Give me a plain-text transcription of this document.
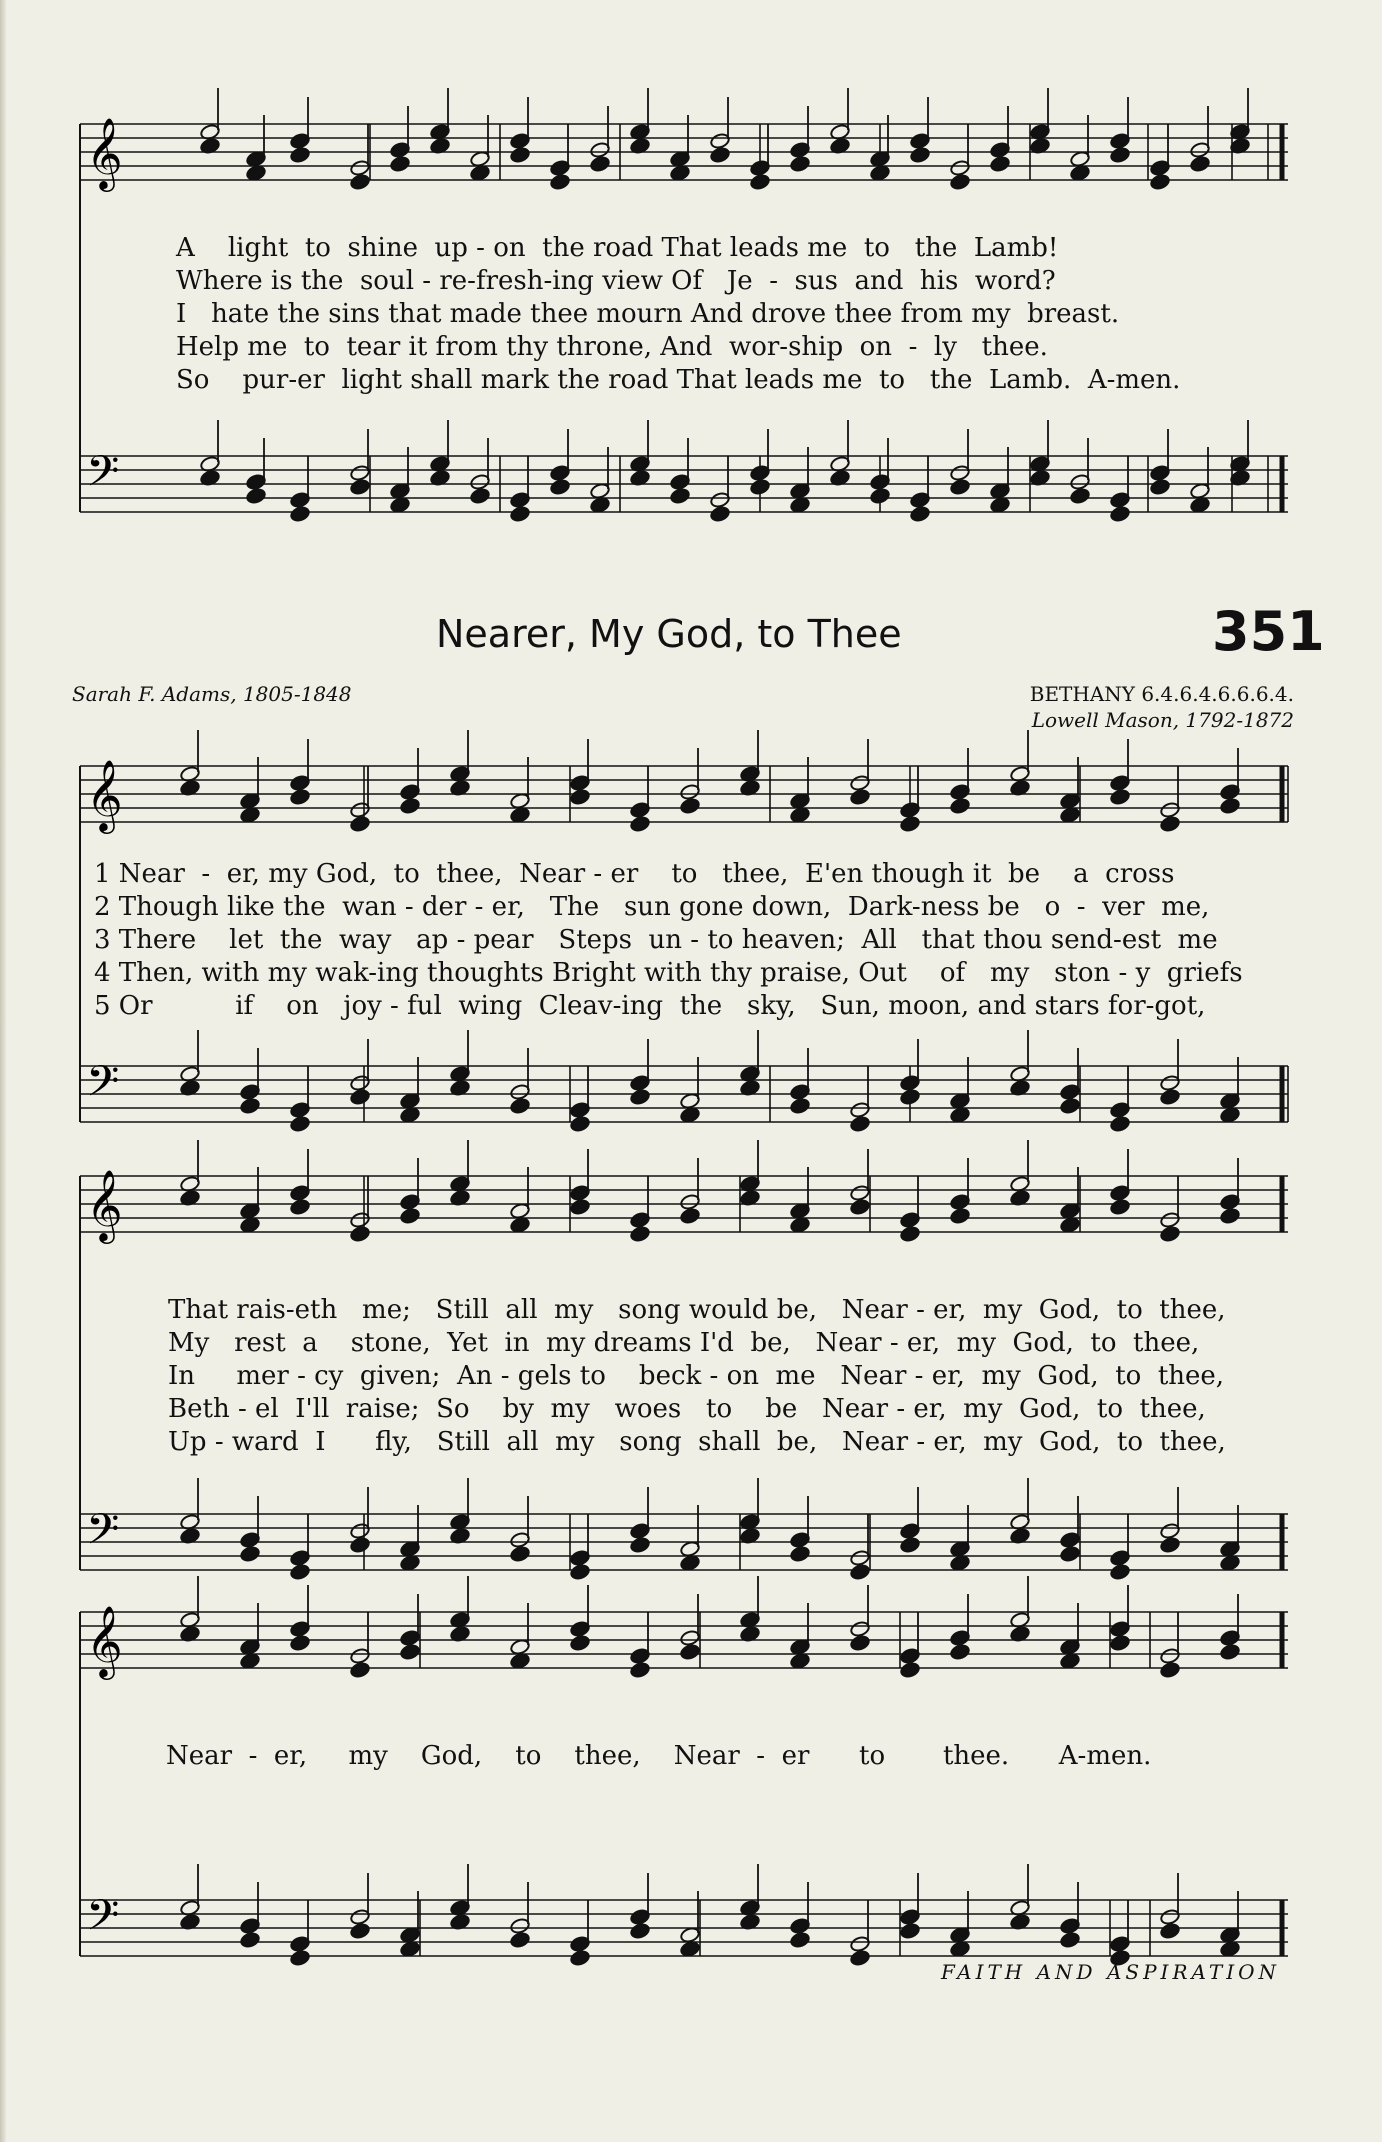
𝄞
𝄢
𝄞
𝄢
𝄞
𝄢
𝄞
𝄢

A    light  to  shine  up - on  the road That leads me  to   the  Lamb!

Where is the  soul - re-fresh-ing view Of   Je  -  sus  and  his  word?

I   hate the sins that made thee mourn And drove thee from my  breast.

Help me  to  tear it from thy throne, And  wor-ship  on  -  ly   thee.

So    pur-er  light shall mark the road That leads me  to   the  Lamb.  A-men.

Nearer, My God, to Thee	351
Sarah F. Adams, 1805-1848	BETHANY 6.4.6.4.6.6.6.4.
Lowell Mason, 1792-1872

1 Near  -  er, my God,  to  thee,  Near - er    to   thee,  E'en though it  be    a  cross

2 Though like the  wan - der - er,   The   sun gone down,  Dark-ness be   o  -  ver  me,

3 There    let  the  way   ap - pear   Steps  un - to heaven;  All   that thou send-est  me

4 Then, with my wak-ing thoughts Bright with thy praise, Out    of   my   ston - y  griefs

5 Or          if    on   joy - ful  wing  Cleav-ing  the   sky,   Sun, moon, and stars for-got,

That rais-eth   me;   Still  all  my   song would be,   Near - er,  my  God,  to  thee,

My   rest  a    stone,  Yet  in  my dreams I'd  be,   Near - er,  my  God,  to  thee,

In     mer - cy  given;  An - gels to    beck - on  me   Near - er,  my  God,  to  thee,

Beth - el  I'll  raise;  So    by  my   woes   to    be   Near - er,  my  God,  to  thee,

Up - ward  I      fly,   Still  all  my   song  shall  be,   Near - er,  my  God,  to  thee,

Near  -  er,     my    God,    to    thee,    Near  -  er      to       thee.      A-men.

FAITH AND ASPIRATION
